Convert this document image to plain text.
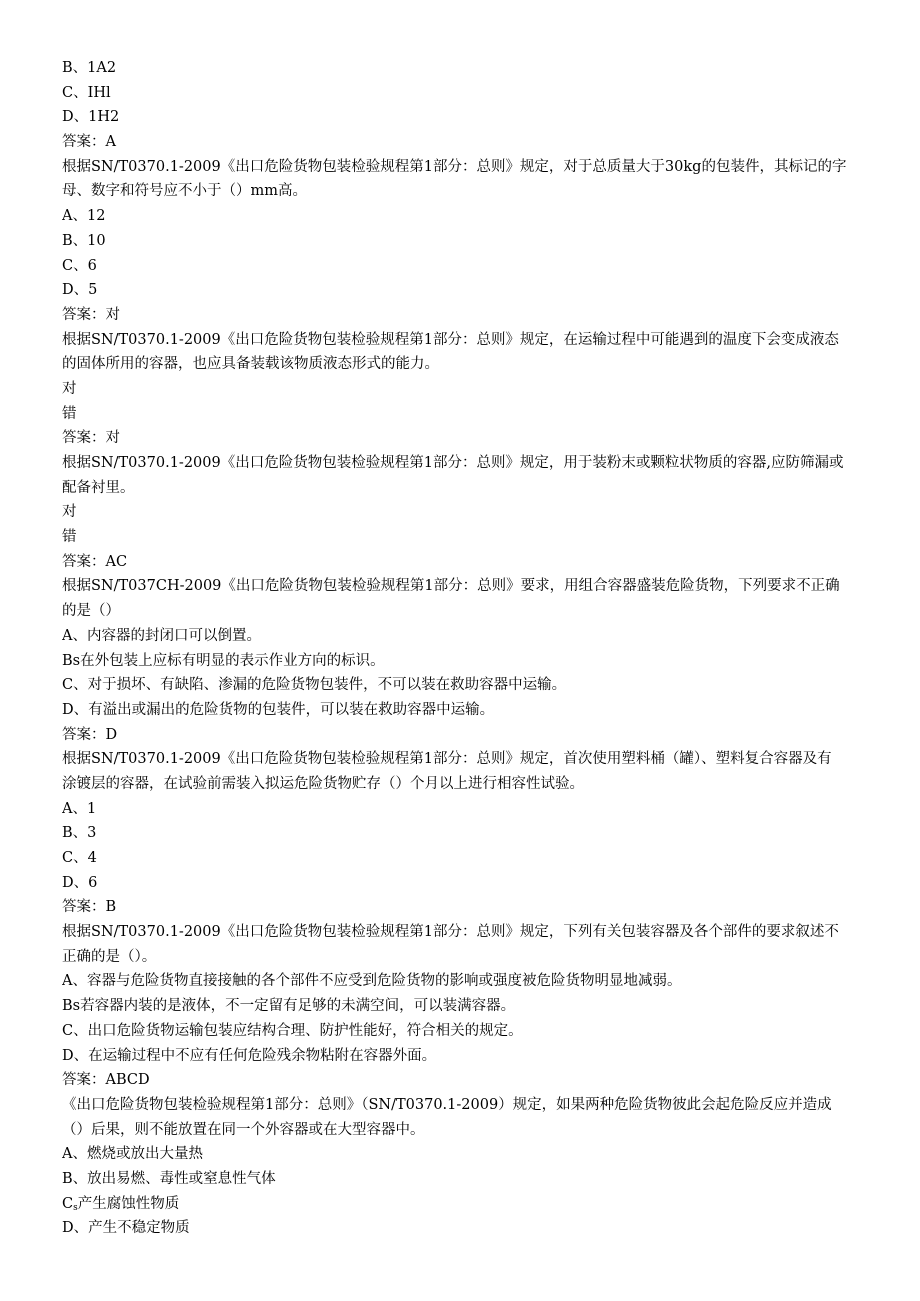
B、1A2
C、IHl
D、1H2
答案：A
根据SN/T0370.1-2009《出口危险货物包装检验规程第1部分：总则》规定，对于总质量大于30kg的包装件，其标记的字
母、数字和符号应不小于（）mm高。
A、12
B、10
C、6
D、5
答案：对
根据SN/T0370.1-2009《出口危险货物包装检验规程第1部分：总则》规定，在运输过程中可能遇到的温度下会变成液态
的固体所用的容器，也应具备装载该物质液态形式的能力。
对
错
答案：对
根据SN/T0370.1-2009《出口危险货物包装检验规程第1部分：总则》规定，用于装粉末或颗粒状物质的容器,应防筛漏或
配备衬里。
对
错
答案：AC
根据SN/T037CH-2009《出口危险货物包装检验规程第1部分：总则》要求，用组合容器盛装危险货物，下列要求不正确
的是（）
A、内容器的封闭口可以倒置。
Bs在外包装上应标有明显的表示作业方向的标识。
C、对于损坏、有缺陷、渗漏的危险货物包装件，不可以装在救助容器中运输。
D、有溢出或漏出的危险货物的包装件，可以装在救助容器中运输。
答案：D
根据SN/T0370.1-2009《出口危险货物包装检验规程第1部分：总则》规定，首次使用塑料桶（罐）、塑料复合容器及有
涂镀层的容器，在试验前需装入拟运危险货物贮存（）个月以上进行相容性试验。
A、1
B、3
C、4
D、6
答案：B
根据SN/T0370.1-2009《出口危险货物包装检验规程第1部分：总则》规定，下列有关包装容器及各个部件的要求叙述不
正确的是（）。
A、容器与危险货物直接接触的各个部件不应受到危险货物的影响或强度被危险货物明显地减弱。
Bs若容器内装的是液体，不一定留有足够的未满空间，可以装满容器。
C、出口危险货物运输包装应结构合理、防护性能好，符合相关的规定。
D、在运输过程中不应有任何危险残余物粘附在容器外面。
答案：ABCD
《出口危险货物包装检验规程第1部分：总则》（SN/T0370.1-2009）规定，如果两种危险货物彼此会起危险反应并造成
（）后果，则不能放置在同一个外容器或在大型容器中。
A、燃烧或放出大量热
B、放出易燃、毒性或窒息性气体
$C_s$产生腐蚀性物质
D、产生不稳定物质
